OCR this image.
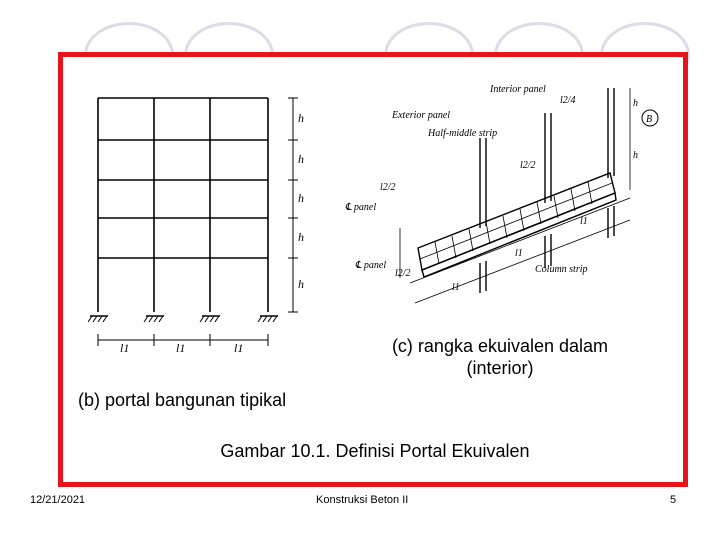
h
h
h
h
h
l1	l1	l1
Exterior panel
Interior panel
Half-middle strip
Column strip
℄ panel
℄ panel
l2/2
l2/2
l2/4
l2/2
l1
l1
l1
h
h
B
(c) rangka ekuivalen dalam
(interior)
(b) portal bangunan tipikal
Gambar 10.1. Definisi Portal Ekuivalen
12/21/2021	Konstruksi Beton II	5
